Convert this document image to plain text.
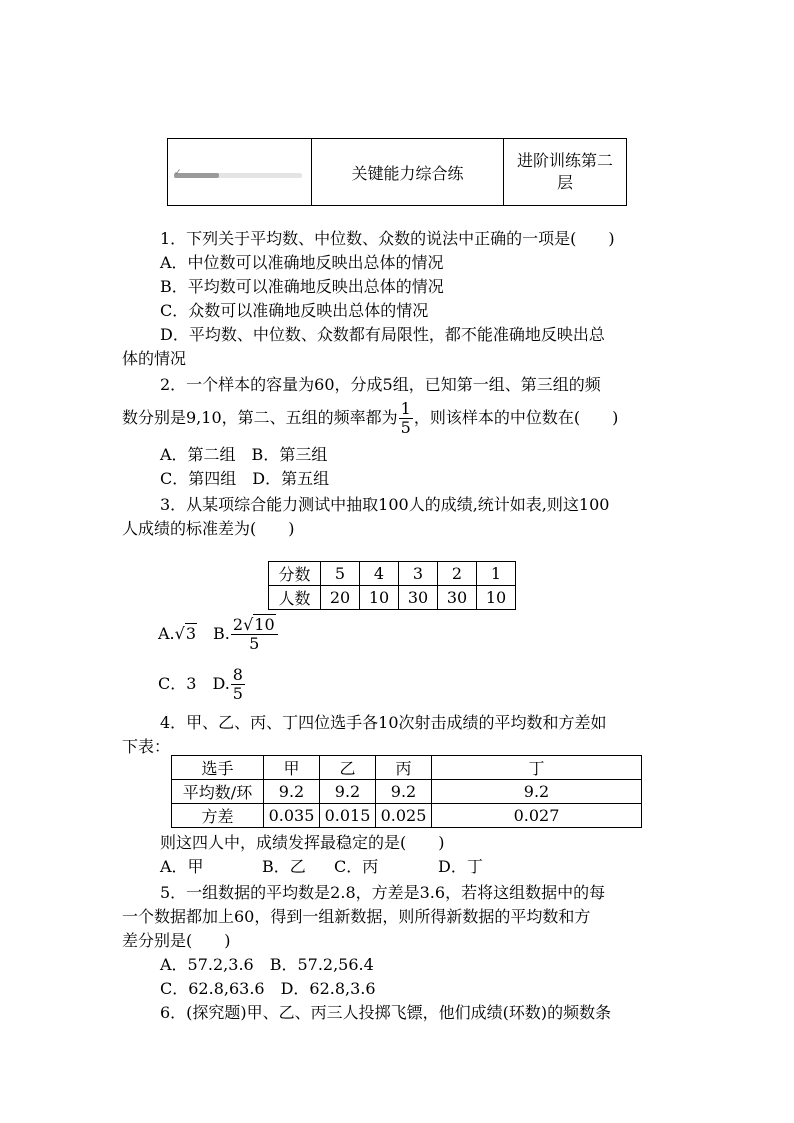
✓	关键能力综合练
进阶训练第二层
1．下列关于平均数、中位数、众数的说法中正确的一项是(　　)
A．中位数可以准确地反映出总体的情况
B．平均数可以准确地反映出总体的情况
C．众数可以准确地反映出总体的情况
D．平均数、中位数、众数都有局限性，都不能准确地反映出总
体的情况
2．一个样本的容量为60，分成5组，已知第一组、第三组的频
数分别是9,10，第二、五组的频率都为 $\frac{1}{5}$ ，则该样本的中位数在(　　)
A．第二组　B．第三组
C．第四组　D．第五组
3．从某项综合能力测试中抽取100人的成绩,统计如表,则这100
人成绩的标准差为(　　)
分数	5	4	3	2	1
人数	20	10	30	30	10
A.√3　 B. $\frac{2√10}{5}$
C．3　 D. $\frac{8}{5}$
4．甲、乙、丙、丁四位选手各10次射击成绩的平均数和方差如
下表：
选手	甲	乙	丙	丁
平均数/环	9.2	9.2	9.2	9.2
方差	0.035	0.015	0.025	0.027
则这四人中，成绩发挥最稳定的是(　　)
A．甲	B．乙 C．丙	D．丁
5．一组数据的平均数是2.8，方差是3.6，若将这组数据中的每
一个数据都加上60，得到一组新数据，则所得新数据的平均数和方
差分别是(　　)
A．57.2,3.6　B．57.2,56.4
C．62.8,63.6　D．62.8,3.6
6．(探究题)甲、乙、丙三人投掷飞镖，他们成绩(环数)的频数条
